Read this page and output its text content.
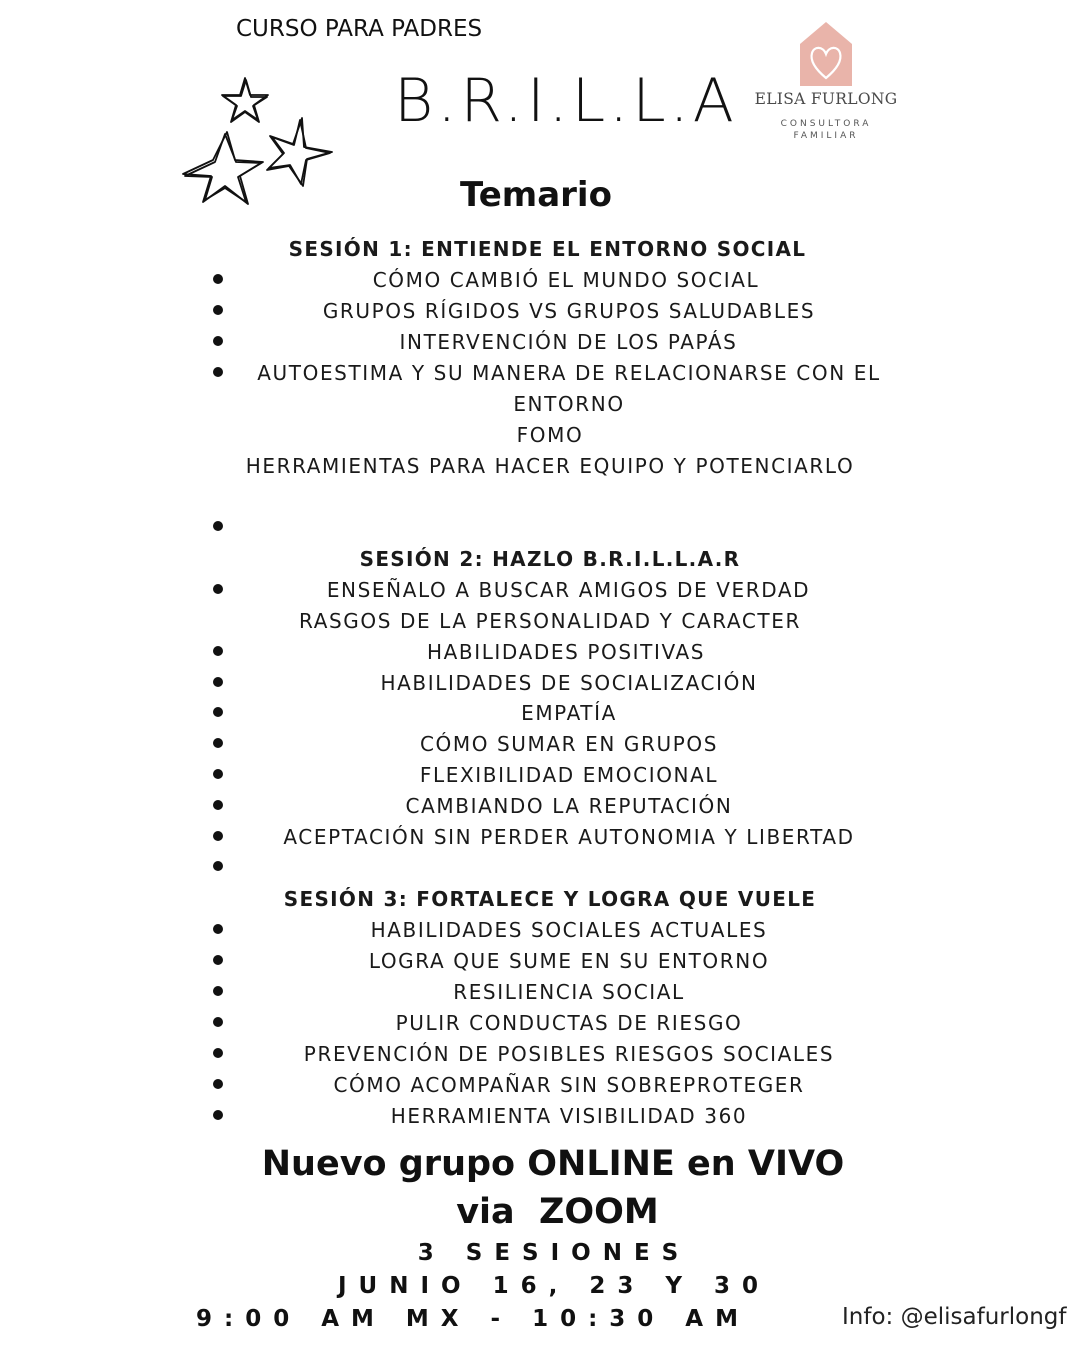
CURSO PARA PADRES
B.R.I.L.L.A ELISA FURLONG
CONSULTORA
FAMILIAR
Temario
SESIÓN 1: ENTIENDE EL ENTORNO SOCIAL
CÓMO CAMBIÓ EL MUNDO SOCIAL
GRUPOS RÍGIDOS VS GRUPOS SALUDABLES
INTERVENCIÓN DE LOS PAPÁS
AUTOESTIMA Y SU MANERA DE RELACIONARSE CON EL
ENTORNO
FOMO
HERRAMIENTAS PARA HACER EQUIPO Y POTENCIARLO
SESIÓN 2: HAZLO B.R.I.L.L.A.R
ENSEÑALO A BUSCAR AMIGOS DE VERDAD
RASGOS DE LA PERSONALIDAD Y CARACTER
HABILIDADES POSITIVAS
HABILIDADES DE SOCIALIZACIÓN
EMPATÍA
CÓMO SUMAR EN GRUPOS
FLEXIBILIDAD EMOCIONAL
CAMBIANDO LA REPUTACIÓN
ACEPTACIÓN SIN PERDER AUTONOMIA Y LIBERTAD
SESIÓN 3: FORTALECE Y LOGRA QUE VUELE
HABILIDADES SOCIALES ACTUALES
LOGRA QUE SUME EN SU ENTORNO
RESILIENCIA SOCIAL
PULIR CONDUCTAS DE RIESGO
PREVENCIÓN DE POSIBLES RIESGOS SOCIALES
CÓMO ACOMPAÑAR SIN SOBREPROTEGER
HERRAMIENTA VISIBILIDAD 360
Nuevo grupo ONLINE en VIVO
via  ZOOM
3 SESIONES
JUNIO 16, 23 Y 30
9:00 AM MX - 10:30 AM	Info: @elisafurlongf
